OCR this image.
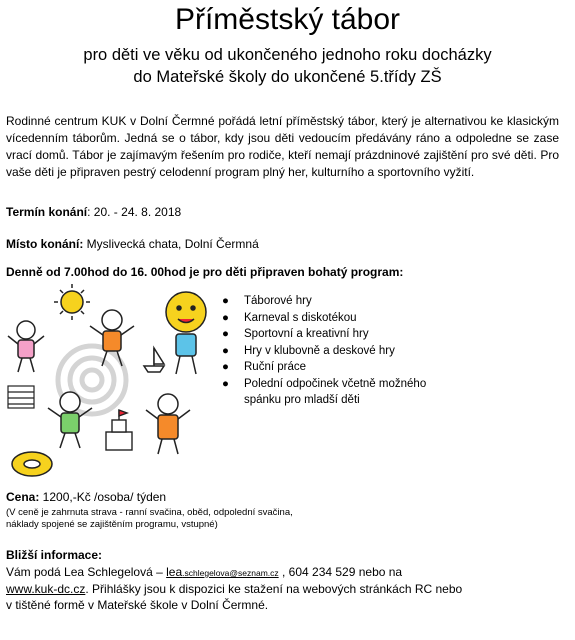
Příměstský tábor
pro děti ve věku od ukončeného jednoho roku docházky
do Mateřské školy do ukončené 5.třídy ZŠ
Rodinné centrum KUK v Dolní Čermné pořádá letní příměstský tábor, který je alternativou ke klasickým vícedenním táborům. Jedná se o tábor, kdy jsou děti vedoucím předávány ráno a odpoledne se zase vrací domů. Tábor je zajímavým řešením pro rodiče, kteří nemají prázdninové zajištění pro své děti. Pro vaše děti je připraven pestrý celodenní program plný her, kulturního a sportovního vyžití.
Termín konání: 20. - 24. 8. 2018
Místo konání: Myslivecká chata, Dolní Čermná
Denně od 7.00hod do 16. 00hod je pro děti připraven bohatý program:
● Táborové hry
● Karneval s diskotékou
● Sportovní a kreativní hry
● Hry v klubovně a deskové hry
● Ruční práce
● Polední odpočinek včetně možného
spánku pro mladší děti
Cena: 1200,-Kč /osoba/ týden
(V ceně je zahrnuta strava - ranní svačina, oběd, odpolední svačina,
náklady spojené se zajištěním programu, vstupné)
Bližší informace:
Vám podá Lea Schlegelová – lea.schlegelova@seznam.cz , 604 234 529 nebo na
www.kuk-dc.cz. Přihlášky jsou k dispozici ke stažení na webových stránkách RC nebo
v tištěné formě v Mateřské škole v Dolní Čermné.
